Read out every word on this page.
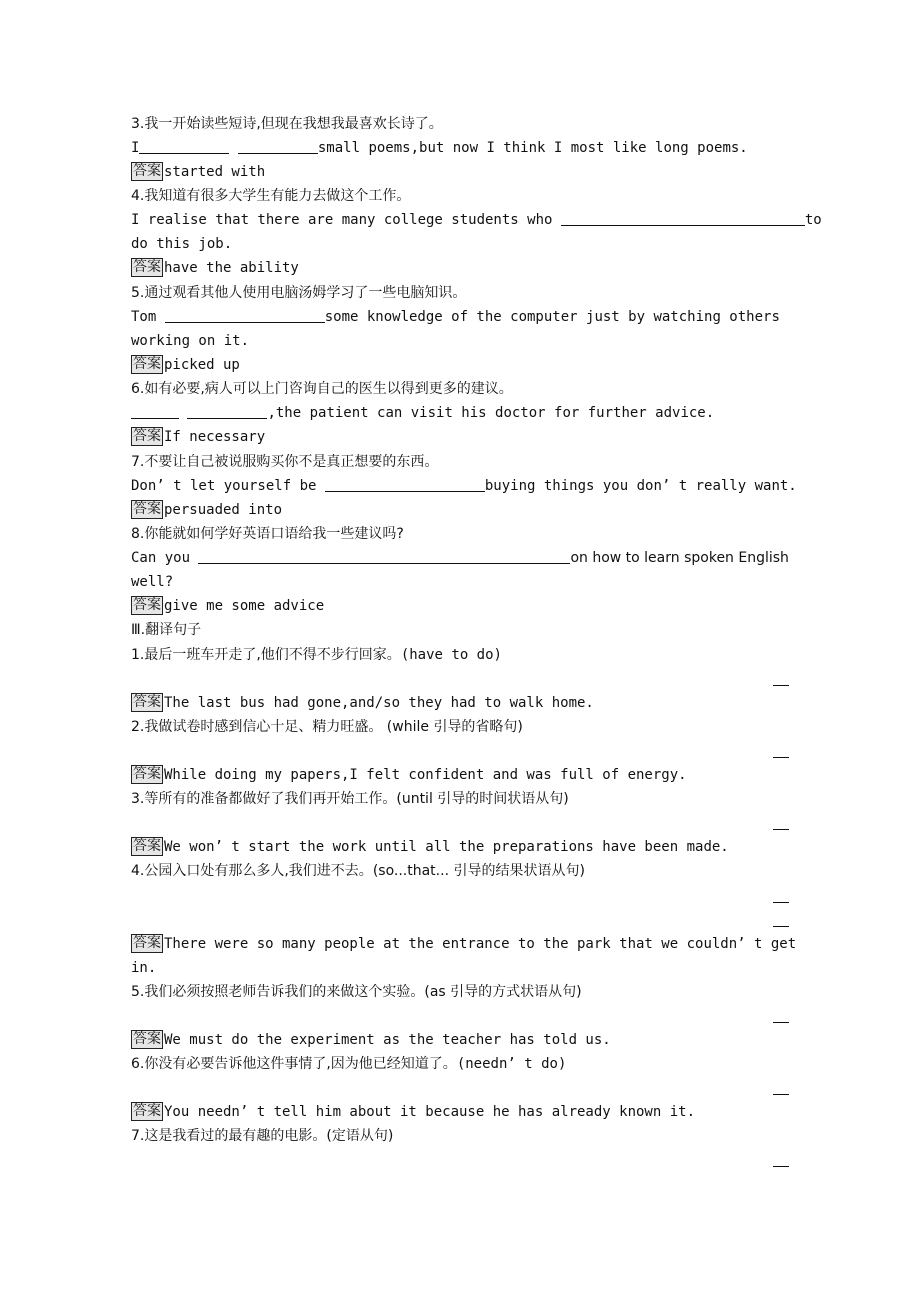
3.我一开始读些短诗,但现在我想我最喜欢长诗了。
I	small poems,but now I think I most like long poems.
答案 started with
4.我知道有很多大学生有能力去做这个工作。
I realise that there are many college students who	to
do this job.
答案 have the ability
5.通过观看其他人使用电脑汤姆学习了一些电脑知识。
Tom	some knowledge of the computer just by watching others
working on it.
答案 picked up
6.如有必要,病人可以上门咨询自己的医生以得到更多的建议。
,the patient can visit his doctor for further advice.
答案 If necessary
7.不要让自己被说服购买你不是真正想要的东西。
Don’ t let yourself be	buying things you don’ t really want.
答案 persuaded into
8.你能就如何学好英语口语给我一些建议吗?
Can you	on how to learn spoken English
well?
答案 give me some advice
Ⅲ.翻译句子
1.最后一班车开走了,他们不得不步行回家。(have to do)
答案 The last bus had gone,and/so they had to walk home.
2.我做试卷时感到信心十足、精力旺盛。 (while 引导的省略句)
答案 While doing my papers,I felt confident and was full of energy.
3.等所有的准备都做好了我们再开始工作。(until 引导的时间状语从句)
答案 We won’ t start the work until all the preparations have been made.
4.公园入口处有那么多人,我们进不去。(so...that... 引导的结果状语从句)
答案 There were so many people at the entrance to the park that we couldn’ t get
in.
5.我们必须按照老师告诉我们的来做这个实验。(as 引导的方式状语从句)
答案 We must do the experiment as the teacher has told us.
6.你没有必要告诉他这件事情了,因为他已经知道了。(needn’ t do)
答案 You needn’ t tell him about it because he has already known it.
7.这是我看过的最有趣的电影。(定语从句)
